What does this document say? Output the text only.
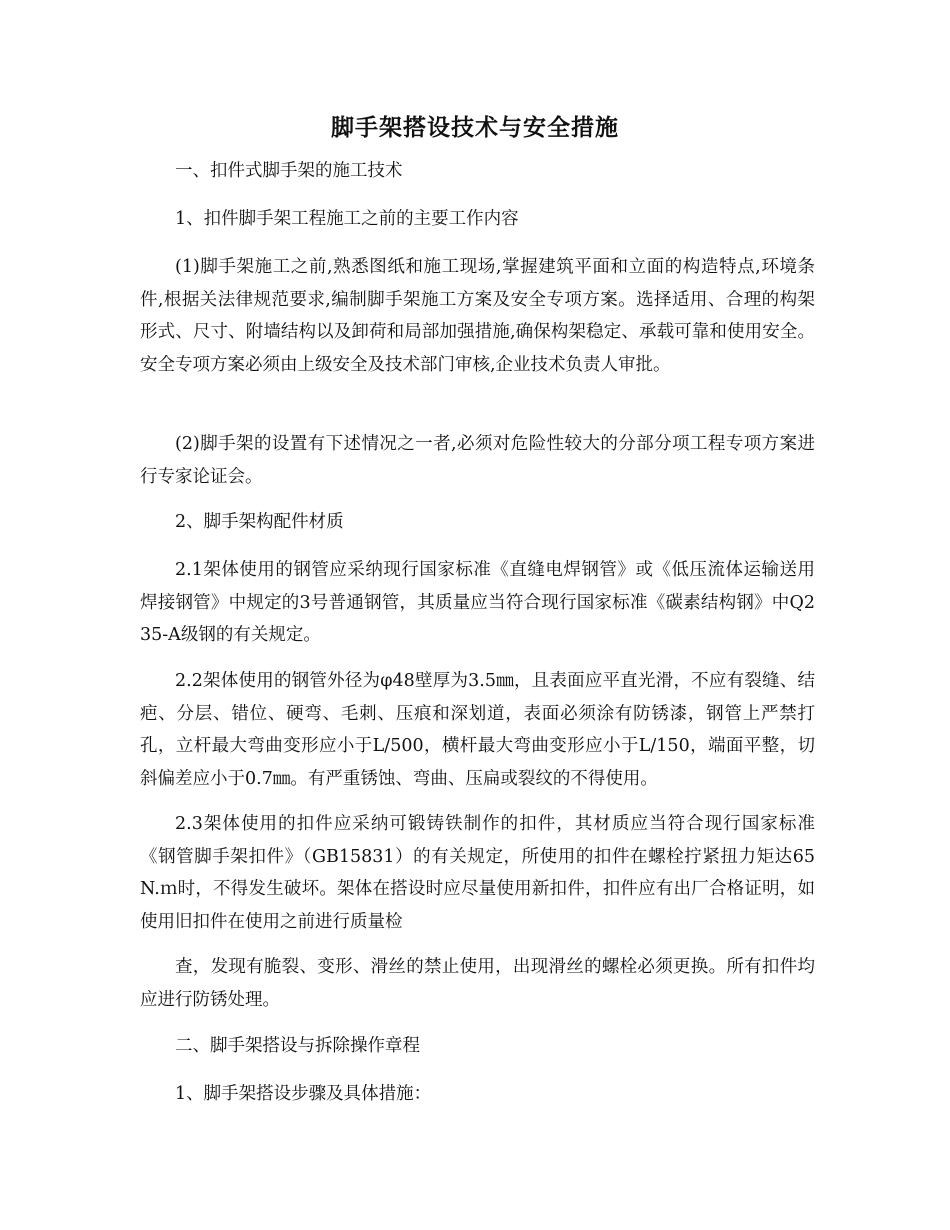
脚手架搭设技术与安全措施
一、扣件式脚手架的施工技术
1、扣件脚手架工程施工之前的主要工作内容
(1)脚手架施工之前,熟悉图纸和施工现场,掌握建筑平面和立面的构造特点,环境条件,根据关法律规范要求,编制脚手架施工方案及安全专项方案。选择适用、合理的构架形式、尺寸、附墙结构以及卸荷和局部加强措施,确保构架稳定、承载可靠和使用安全。安全专项方案必须由上级安全及技术部门审核,企业技术负责人审批。
(2)脚手架的设置有下述情况之一者,必须对危险性较大的分部分项工程专项方案进行专家论证会。
2、脚手架构配件材质
2.1架体使用的钢管应采纳现行国家标准《直缝电焊钢管》或《低压流体运输送用焊接钢管》中规定的3号普通钢管，其质量应当符合现行国家标准《碳素结构钢》中Q235-A级钢的有关规定。
2.2架体使用的钢管外径为φ48壁厚为3.5㎜，且表面应平直光滑，不应有裂缝、结疤、分层、错位、硬弯、毛刺、压痕和深划道，表面必须涂有防锈漆，钢管上严禁打孔，立杆最大弯曲变形应小于L/500，横杆最大弯曲变形应小于L/150，端面平整，切斜偏差应小于0.7㎜。有严重锈蚀、弯曲、压扁或裂纹的不得使用。
2.3架体使用的扣件应采纳可锻铸铁制作的扣件，其材质应当符合现行国家标准《钢管脚手架扣件》（GB15831）的有关规定，所使用的扣件在螺栓拧紧扭力矩达65N.ｍ时，不得发生破坏。架体在搭设时应尽量使用新扣件，扣件应有出厂合格证明，如使用旧扣件在使用之前进行质量检
查，发现有脆裂、变形、滑丝的禁止使用，出现滑丝的螺栓必须更换。所有扣件均应进行防锈处理。
二、脚手架搭设与拆除操作章程
1、脚手架搭设步骤及具体措施：
